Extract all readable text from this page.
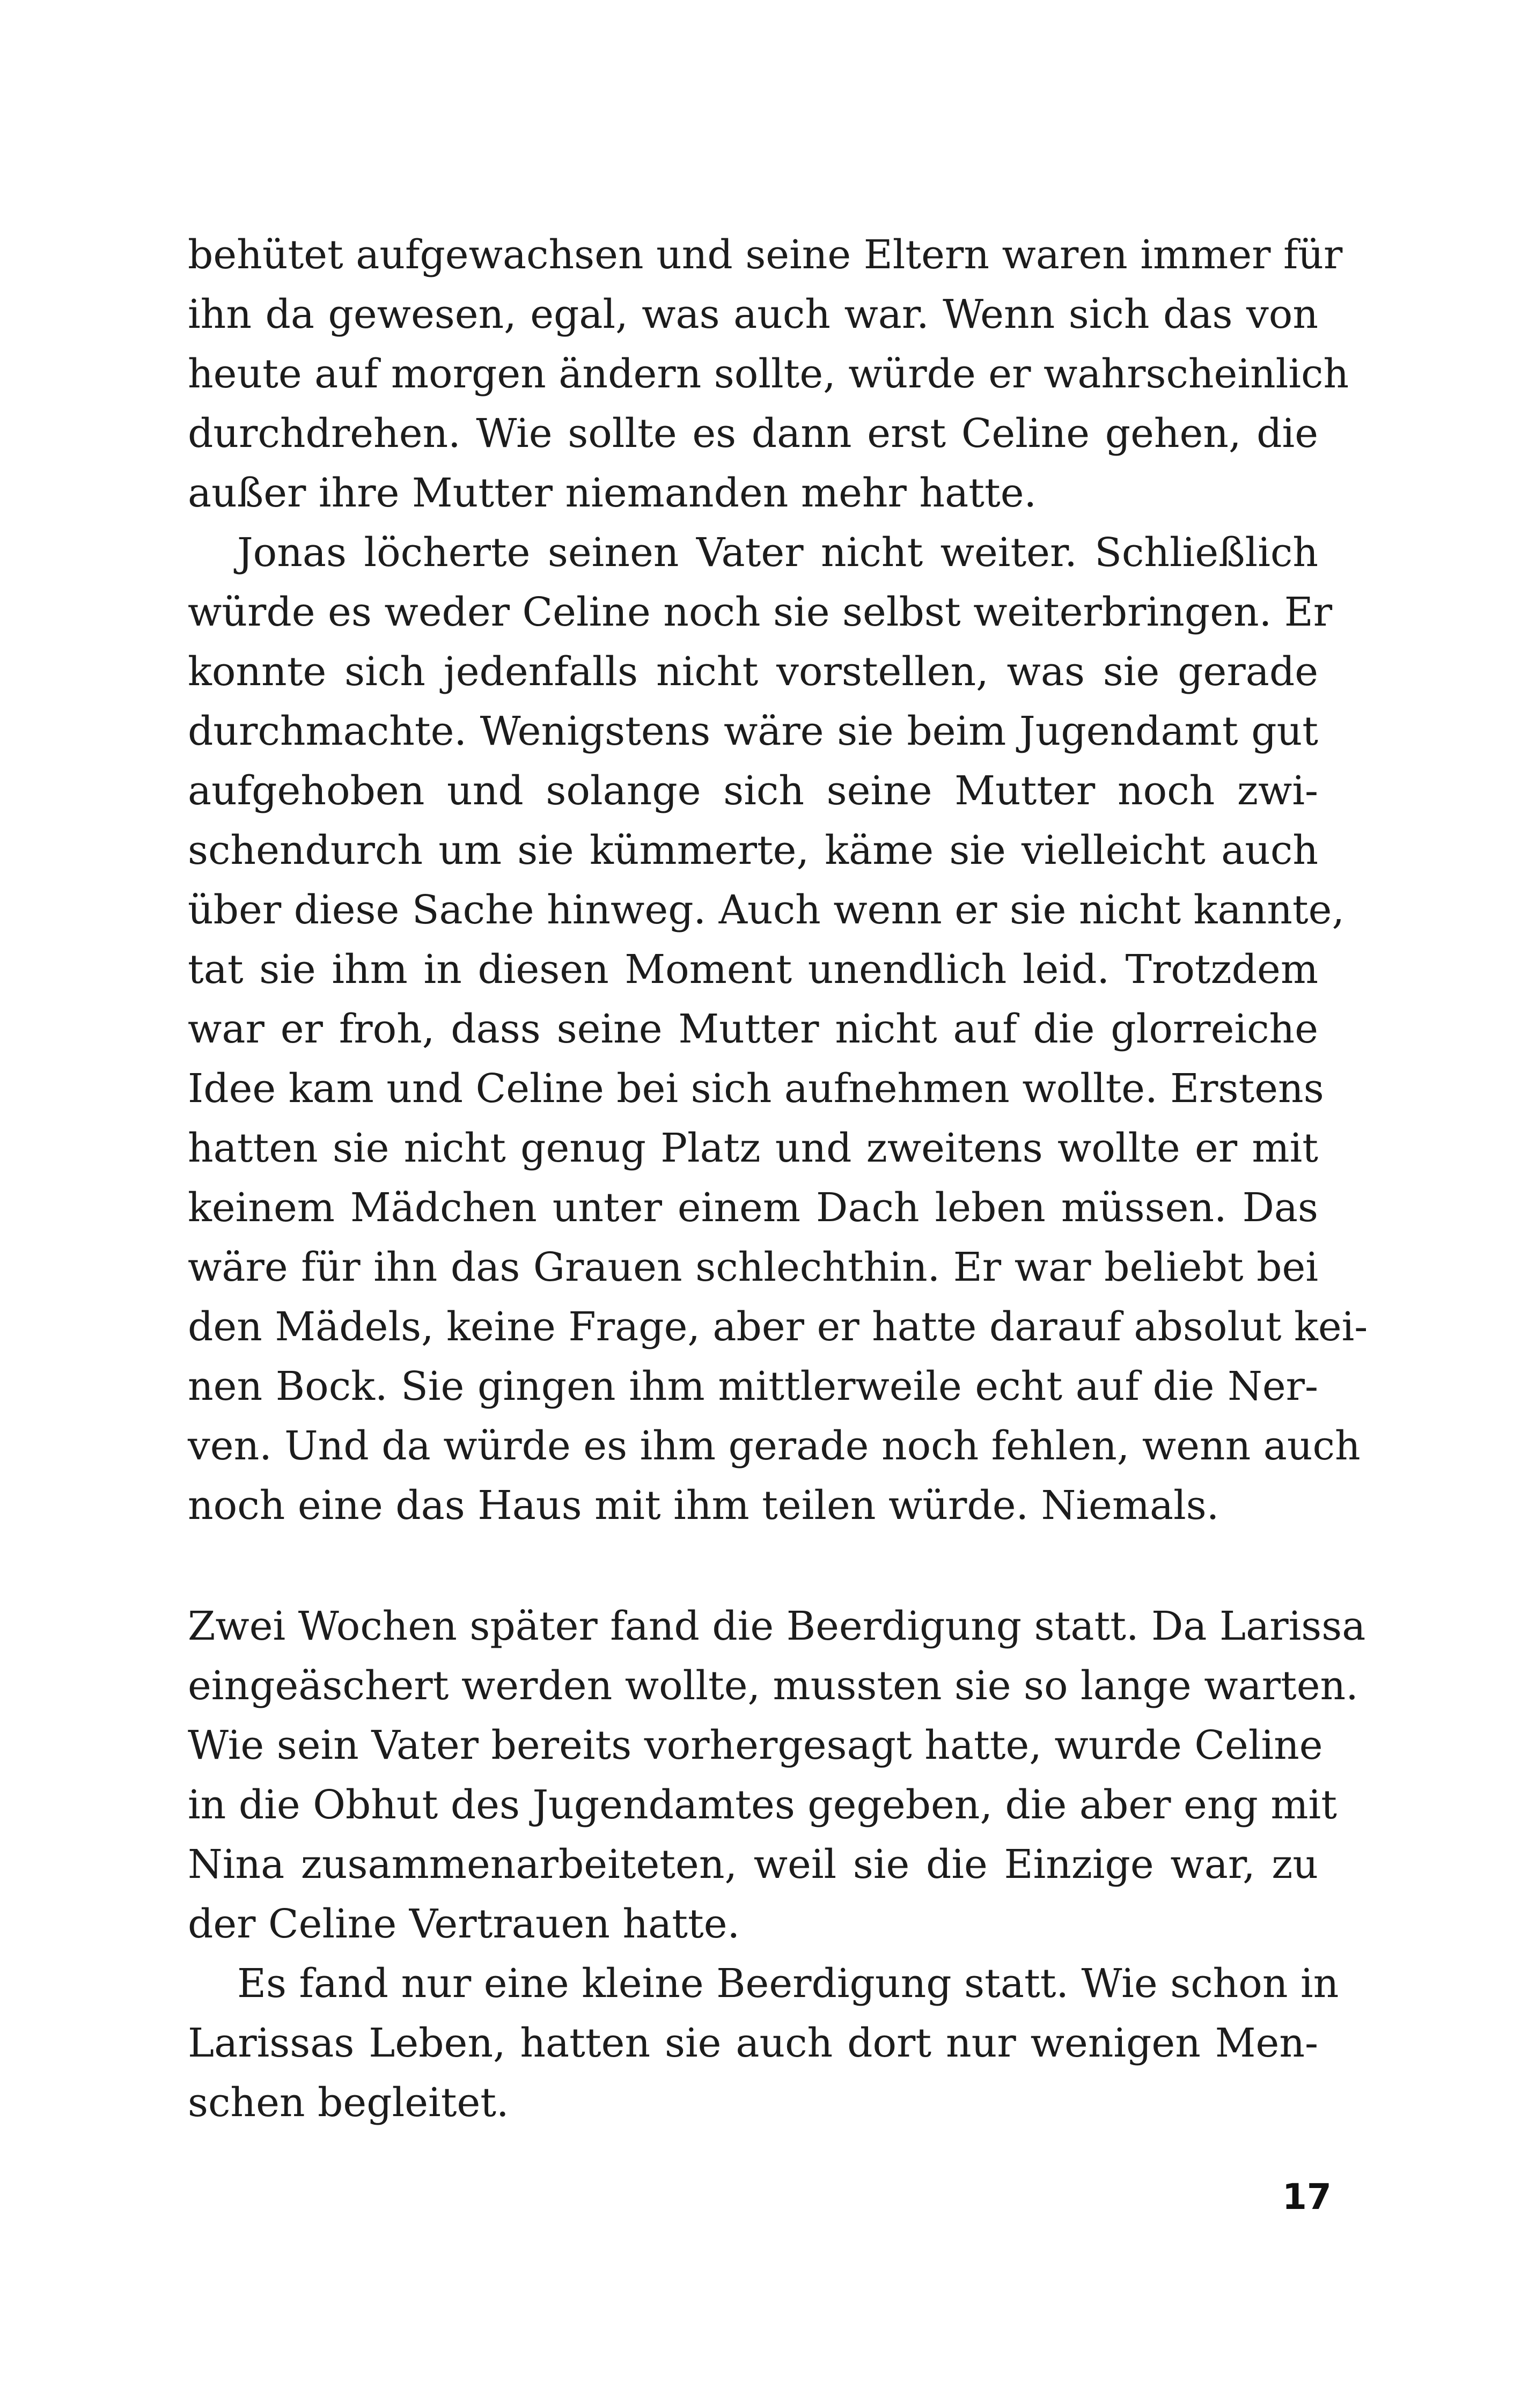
behütet aufgewachsen und seine Eltern waren immer für
ihn da gewesen, egal, was auch war. Wenn sich das von
heute auf morgen ändern sollte, würde er wahrscheinlich
durchdrehen. Wie sollte es dann erst Celine gehen, die
außer ihre Mutter niemanden mehr hatte.
Jonas löcherte seinen Vater nicht weiter. Schließlich
würde es weder Celine noch sie selbst weiterbringen. Er
konnte sich jedenfalls nicht vorstellen, was sie gerade
durchmachte. Wenigstens wäre sie beim Jugendamt gut
aufgehoben und solange sich seine Mutter noch zwi-
schendurch um sie kümmerte, käme sie vielleicht auch
über diese Sache hinweg. Auch wenn er sie nicht kannte,
tat sie ihm in diesen Moment unendlich leid. Trotzdem
war er froh, dass seine Mutter nicht auf die glorreiche
Idee kam und Celine bei sich aufnehmen wollte. Erstens
hatten sie nicht genug Platz und zweitens wollte er mit
keinem Mädchen unter einem Dach leben müssen. Das
wäre für ihn das Grauen schlechthin. Er war beliebt bei
den Mädels, keine Frage, aber er hatte darauf absolut kei-
nen Bock. Sie gingen ihm mittlerweile echt auf die Ner-
ven. Und da würde es ihm gerade noch fehlen, wenn auch
noch eine das Haus mit ihm teilen würde. Niemals.
Zwei Wochen später fand die Beerdigung statt. Da Larissa
eingeäschert werden wollte, mussten sie so lange warten.
Wie sein Vater bereits vorhergesagt hatte, wurde Celine
in die Obhut des Jugendamtes gegeben, die aber eng mit
Nina zusammenarbeiteten, weil sie die Einzige war, zu
der Celine Vertrauen hatte.
Es fand nur eine kleine Beerdigung statt. Wie schon in
Larissas Leben, hatten sie auch dort nur wenigen Men-
schen begleitet.
17
